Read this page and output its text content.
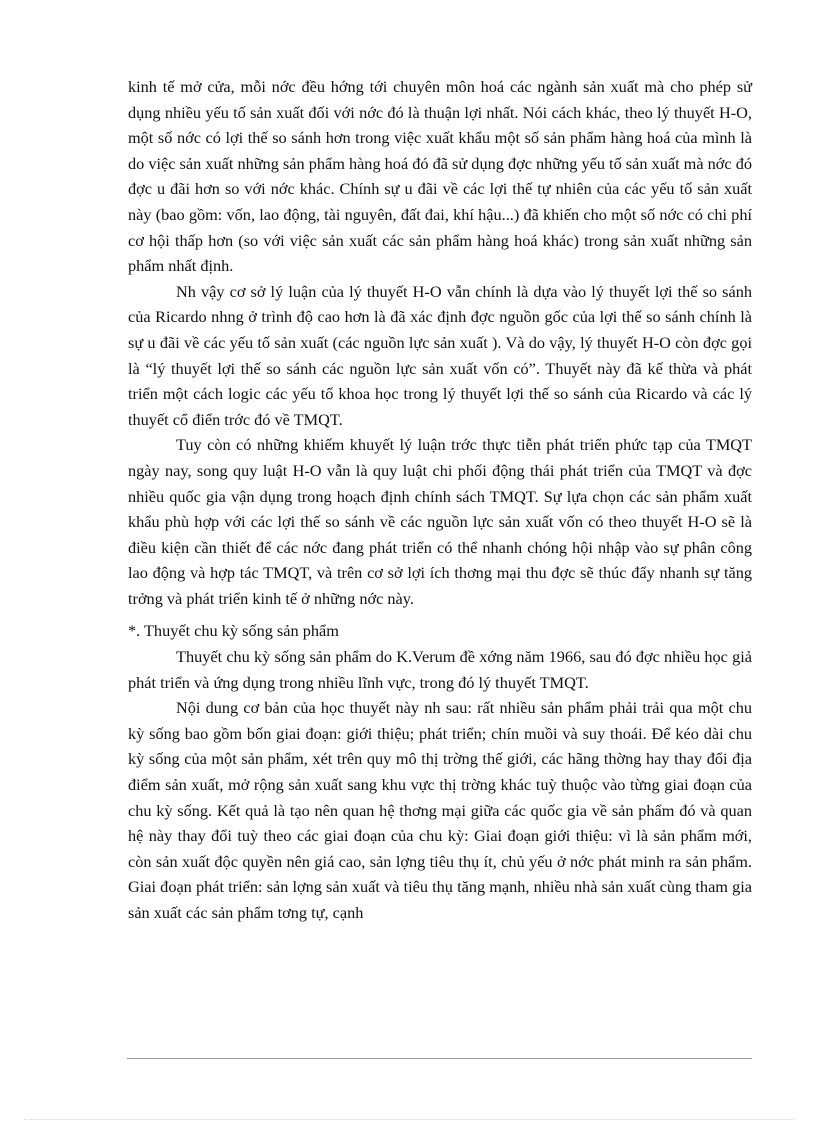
kinh tế mở cửa, mỗi nớc đều hớng tới chuyên môn hoá các ngành sản xuất mà cho phép sử dụng nhiều yếu tố sản xuất đối với nớc đó là thuận lợi nhất. Nói cách khác, theo lý thuyết H-O, một số nớc có lợi thế so sánh hơn trong việc xuất khẩu một số sản phẩm hàng hoá của mình là do việc sản xuất những sản phẩm hàng hoá đó đã sử dụng đợc những yếu tố sản xuất mà nớc đó đợc u đãi hơn so với nớc khác. Chính sự u đãi về các lợi thế tự nhiên của các yếu tố sản xuất này (bao gồm: vốn, lao động, tài nguyên, đất đai, khí hậu...) đã khiến cho một số nớc có chi phí cơ hội thấp hơn (so với việc sản xuất các sản phẩm hàng hoá khác) trong sản xuất những sản phẩm nhất định.

Nh vậy cơ sở lý luận của lý thuyết H-O vẫn chính là dựa vào lý thuyết lợi thế so sánh của Ricardo nhng ở trình độ cao hơn là đã xác định đợc nguồn gốc của lợi thế so sánh chính là sự u đãi về các yếu tố sản xuất (các nguồn lực sản xuất ). Và do vậy, lý thuyết H-O còn đợc gọi là “lý thuyết lợi thế so sánh các nguồn lực sản xuất vốn có”. Thuyết này đã kế thừa và phát triển một cách logic các yếu tố khoa học trong lý thuyết lợi thế so sánh của Ricardo và các lý thuyết cổ điển trớc đó về TMQT.

Tuy còn có những khiếm khuyết lý luận trớc thực tiễn phát triển phức tạp của TMQT ngày nay, song quy luật H-O vẫn là quy luật chi phối động thái phát triển của TMQT và đợc nhiều quốc gia vận dụng trong hoạch định chính sách TMQT. Sự lựa chọn các sản phẩm xuất khẩu phù hợp với các lợi thế so sánh về các nguồn lực sản xuất vốn có theo thuyết H-O sẽ là điều kiện cần thiết để các nớc đang phát triển có thể nhanh chóng hội nhập vào sự phân công lao động và hợp tác TMQT, và trên cơ sở lợi ích thơng mại thu đợc sẽ thúc đẩy nhanh sự tăng trởng và phát triển kinh tế ở những nớc này.

*. Thuyết chu kỳ sống sản phẩm

Thuyết chu kỳ sống sản phẩm do K.Verum đề xớng năm 1966, sau đó đợc nhiều học giả phát triển và ứng dụng trong nhiều lĩnh vực, trong đó lý thuyết TMQT.

Nội dung cơ bản của học thuyết này nh sau: rất nhiều sản phẩm phải trải qua một chu kỳ sống bao gồm bốn giai đoạn: giới thiệu; phát triển; chín muồi và suy thoái. Để kéo dài chu kỳ sống của một sản phẩm, xét trên quy mô thị trờng thế giới, các hãng thờng hay thay đổi địa điểm sản xuất, mở rộng sản xuất sang khu vực thị trờng khác tuỳ thuộc vào từng giai đoạn của chu kỳ sống. Kết quả là tạo nên quan hệ thơng mại giữa các quốc gia về sản phẩm đó và quan hệ này thay đổi tuỳ theo các giai đoạn của chu kỳ: Giai đoạn giới thiệu: vì là sản phẩm mới, còn sản xuất độc quyền nên giá cao, sản lợng tiêu thụ ít, chủ yếu ở nớc phát minh ra sản phẩm. Giai đoạn phát triển: sản lợng sản xuất và tiêu thụ tăng mạnh, nhiều nhà sản xuất cùng tham gia sản xuất các sản phẩm tơng tự, cạnh
